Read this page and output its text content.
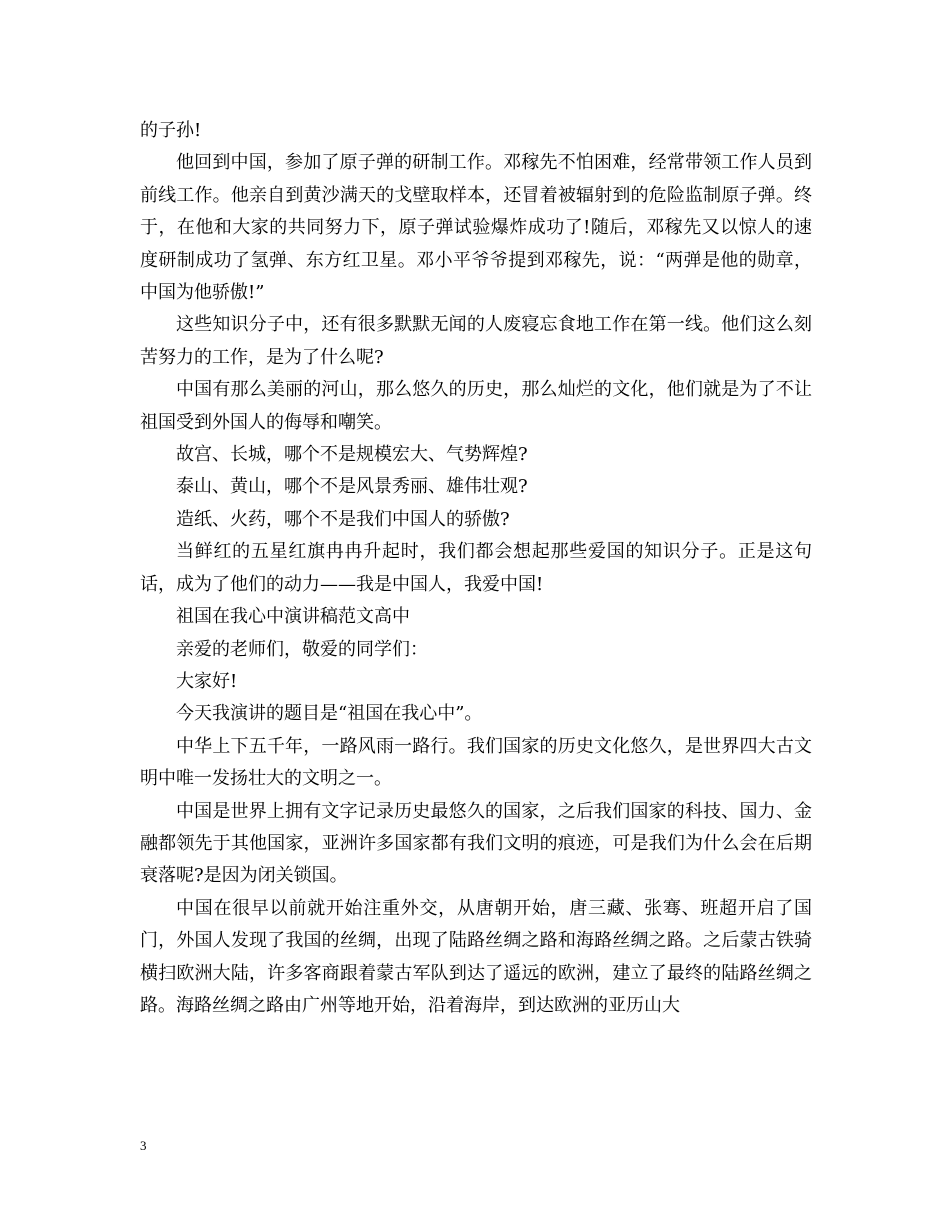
的子孙!

他回到中国，参加了原子弹的研制工作。邓稼先不怕困难，经常带领工作人员到前线工作。他亲自到黄沙满天的戈壁取样本，还冒着被辐射到的危险监制原子弹。终于，在他和大家的共同努力下，原子弹试验爆炸成功了!随后，邓稼先又以惊人的速度研制成功了氢弹、东方红卫星。邓小平爷爷提到邓稼先，说：“两弹是他的勋章，中国为他骄傲!”

这些知识分子中，还有很多默默无闻的人废寝忘食地工作在第一线。他们这么刻苦努力的工作，是为了什么呢?

中国有那么美丽的河山，那么悠久的历史，那么灿烂的文化，他们就是为了不让祖国受到外国人的侮辱和嘲笑。

故宫、长城，哪个不是规模宏大、气势辉煌?

泰山、黄山，哪个不是风景秀丽、雄伟壮观?

造纸、火药，哪个不是我们中国人的骄傲?

当鲜红的五星红旗冉冉升起时，我们都会想起那些爱国的知识分子。正是这句话，成为了他们的动力——我是中国人，我爱中国!

祖国在我心中演讲稿范文高中

亲爱的老师们，敬爱的同学们：

大家好!

今天我演讲的题目是“祖国在我心中”。

中华上下五千年，一路风雨一路行。我们国家的历史文化悠久，是世界四大古文明中唯一发扬壮大的文明之一。

中国是世界上拥有文字记录历史最悠久的国家，之后我们国家的科技、国力、金融都领先于其他国家，亚洲许多国家都有我们文明的痕迹，可是我们为什么会在后期衰落呢?是因为闭关锁国。

中国在很早以前就开始注重外交，从唐朝开始，唐三藏、张骞、班超开启了国门，外国人发现了我国的丝绸，出现了陆路丝绸之路和海路丝绸之路。之后蒙古铁骑横扫欧洲大陆，许多客商跟着蒙古军队到达了遥远的欧洲，建立了最终的陆路丝绸之路。海路丝绸之路由广州等地开始，沿着海岸，到达欧洲的亚历山大

3
